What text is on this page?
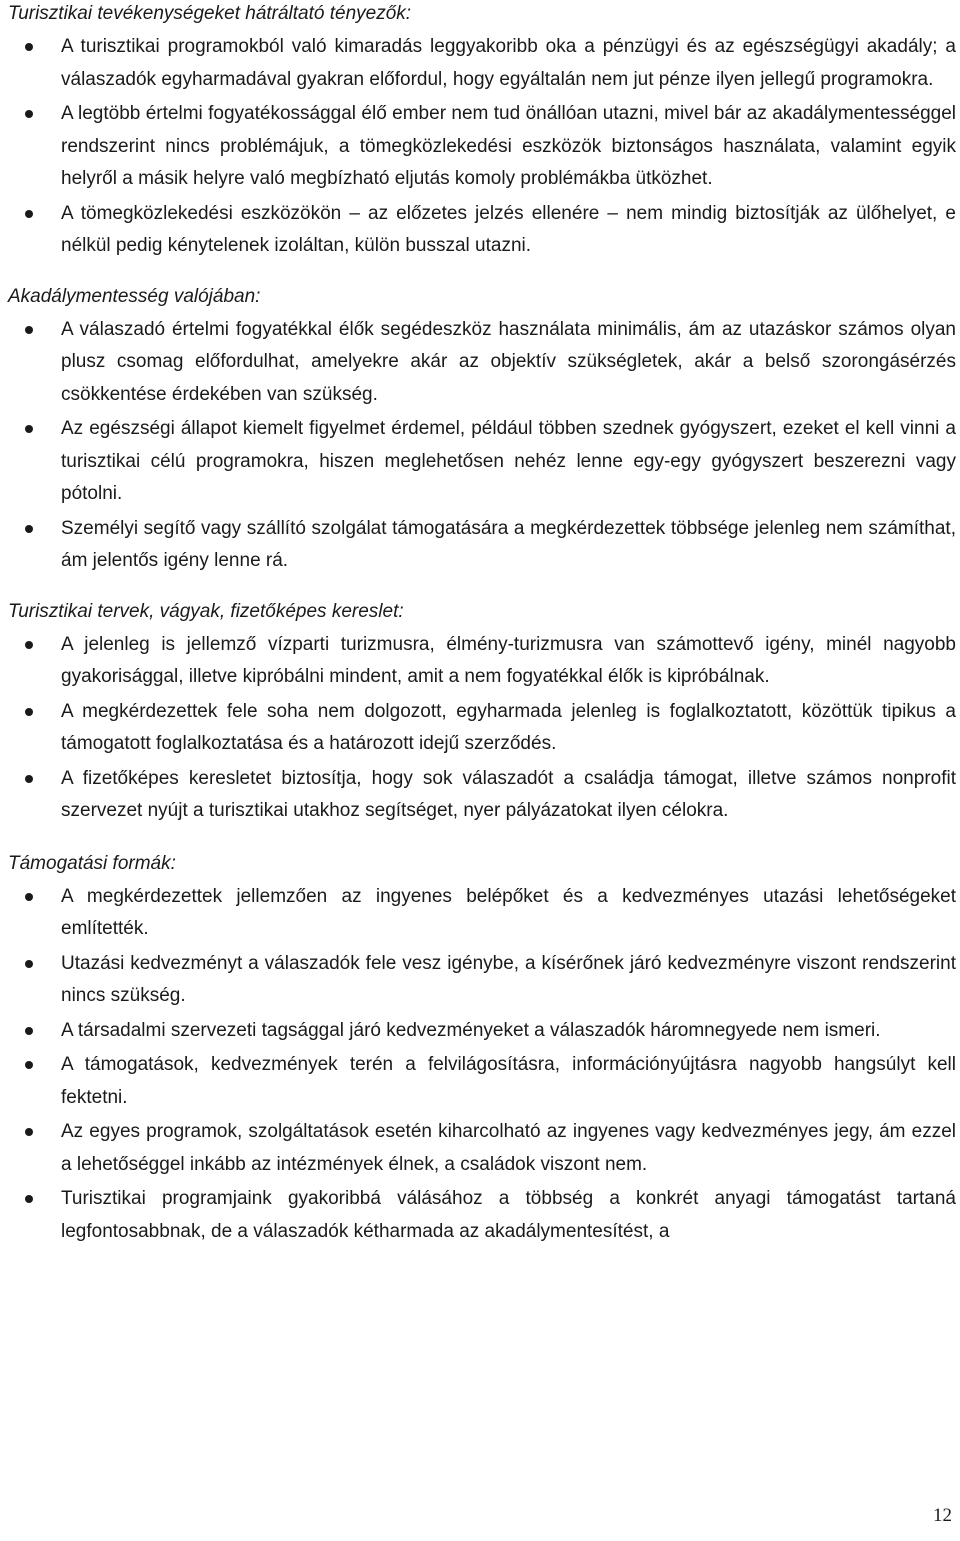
Turisztikai tevékenységeket hátráltató tényezők:
A turisztikai programokból való kimaradás leggyakoribb oka a pénzügyi és az egészségügyi akadály; a válaszadók egyharmadával gyakran előfordul, hogy egyáltalán nem jut pénze ilyen jellegű programokra.
A legtöbb értelmi fogyatékossággal élő ember nem tud önállóan utazni, mivel bár az akadálymentességgel rendszerint nincs problémájuk, a tömegközlekedési eszközök biztonságos használata, valamint egyik helyről a másik helyre való megbízható eljutás komoly problémákba ütközhet.
A tömegközlekedési eszközökön – az előzetes jelzés ellenére – nem mindig biztosítják az ülőhelyet, e nélkül pedig kénytelenek izoláltan, külön busszal utazni.
Akadálymentesség valójában:
A válaszadó értelmi fogyatékkal élők segédeszköz használata minimális, ám az utazáskor számos olyan plusz csomag előfordulhat, amelyekre akár az objektív szükségletek, akár a belső szorongásérzés csökkentése érdekében van szükség.
Az egészségi állapot kiemelt figyelmet érdemel, például többen szednek gyógyszert, ezeket el kell vinni a turisztikai célú programokra, hiszen meglehetősen nehéz lenne egy-egy gyógyszert beszerezni vagy pótolni.
Személyi segítő vagy szállító szolgálat támogatására a megkérdezettek többsége jelenleg nem számíthat, ám jelentős igény lenne rá.
Turisztikai tervek, vágyak, fizetőképes kereslet:
A jelenleg is jellemző vízparti turizmusra, élmény-turizmusra van számottevő igény, minél nagyobb gyakorisággal, illetve kipróbálni mindent, amit a nem fogyatékkal élők is kipróbálnak.
A megkérdezettek fele soha nem dolgozott, egyharmada jelenleg is foglalkoztatott, közöttük tipikus a támogatott foglalkoztatása és a határozott idejű szerződés.
A fizetőképes keresletet biztosítja, hogy sok válaszadót a családja támogat, illetve számos nonprofit szervezet nyújt a turisztikai utakhoz segítséget, nyer pályázatokat ilyen célokra.
Támogatási formák:
A megkérdezettek jellemzően az ingyenes belépőket és a kedvezményes utazási lehetőségeket említették.
Utazási kedvezményt a válaszadók fele vesz igénybe, a kísérőnek járó kedvezményre viszont rendszerint nincs szükség.
A társadalmi szervezeti tagsággal járó kedvezményeket a válaszadók háromnegyede nem ismeri.
A támogatások, kedvezmények terén a felvilágosításra, információnyújtásra nagyobb hangsúlyt kell fektetni.
Az egyes programok, szolgáltatások esetén kiharcolható az ingyenes vagy kedvezményes jegy, ám ezzel a lehetőséggel inkább az intézmények élnek, a családok viszont nem.
Turisztikai programjaink gyakoribbá válásához a többség a konkrét anyagi támogatást tartaná legfontosabbnak, de a válaszadók kétharmada az akadálymentesítést, a
12
